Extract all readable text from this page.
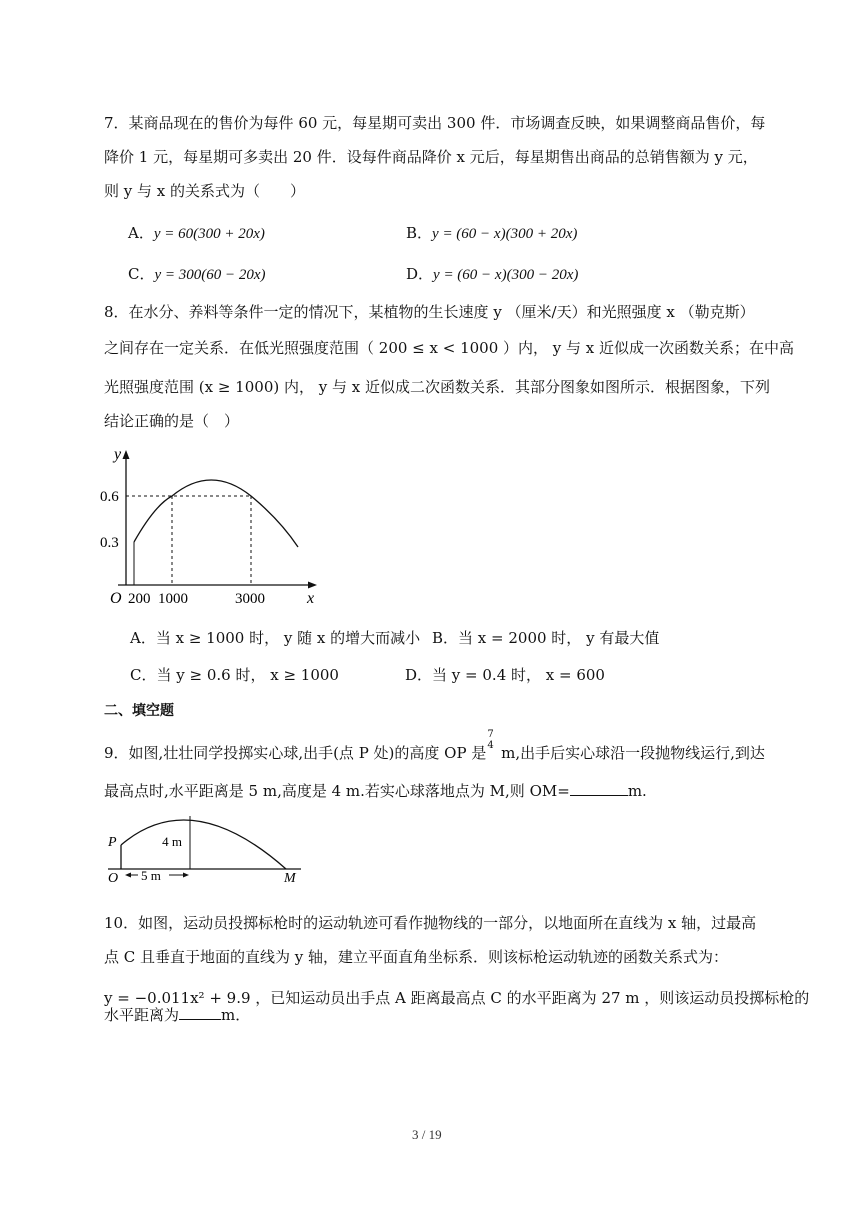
7．某商品现在的售价为每件 60 元，每星期可卖出 300 件．市场调查反映，如果调整商品售价，每
降价 1 元，每星期可多卖出 20 件．设每件商品降价 x 元后，每星期售出商品的总销售额为 y 元，
则 y 与 x 的关系式为（　　）
A．y = 60(300 + 20x)	B．y = (60 − x)(300 + 20x)
C．y = 300(60 − 20x)	D．y = (60 − x)(300 − 20x)
8．在水分、养料等条件一定的情况下，某植物的生长速度 y （厘米/天）和光照强度 x （勒克斯）
之间存在一定关系．在低光照强度范围（ 200 ≤ x < 1000 ）内， y 与 x 近似成一次函数关系；在中高
光照强度范围 (x ≥ 1000) 内， y 与 x 近似成二次函数关系．其部分图象如图所示．根据图象，下列
结论正确的是（　）
y
x
O
0.6
0.3
200 1000	3000
A．当 x ≥ 1000 时， y 随 x 的增大而减小 B．当 x = 2000 时， y 有最大值
C．当 y ≥ 0.6 时， x ≥ 1000	D．当 y = 0.4 时， x = 600
二、填空题
9．如图,壮壮同学投掷实心球,出手(点 P 处)的高度 OP 是
7
4 m,出手后实心球沿一段抛物线运行,到达
最高点时,水平距离是 5 m,高度是 4 m.若实心球落地点为 M,则 OM=	m.
P
O	M
4 m
5 m
10．如图，运动员投掷标枪时的运动轨迹可看作抛物线的一部分，以地面所在直线为 x 轴，过最高
点 C 且垂直于地面的直线为 y 轴，建立平面直角坐标系．则该标枪运动轨迹的函数关系式为：
y = −0.011x² + 9.9 ，已知运动员出手点 A 距离最高点 C 的水平距离为 27 m ，则该运动员投掷标枪的
水平距离为	m．
3 / 19
